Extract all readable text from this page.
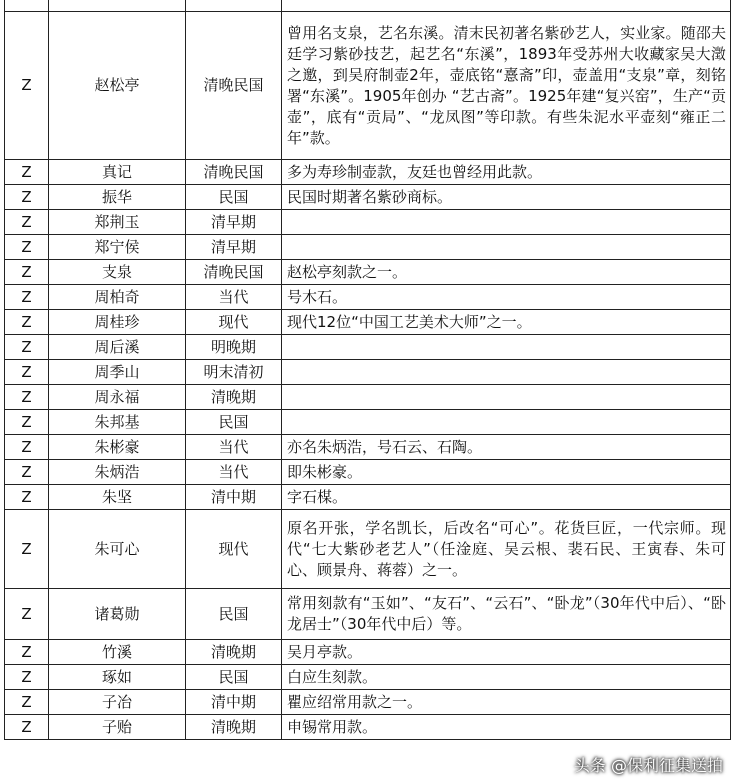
Z	赵松亭	清晚民国	曾用名支泉，艺名东溪。清末民初著名紫砂艺人，实业家。随邵夫廷学习紫砂技艺，起艺名“东溪”，1893年受苏州大收藏家吴大澂之邀，到吴府制壶2年，壶底铭“憙斋”印，壶盖用“支泉”章，刻铭署“东溪”。1905年创办 “艺古斋”。1925年建“复兴窑”，生产“贡壶”，底有“贡局”、“龙凤图”等印款。有些朱泥水平壶刻“雍正二年”款。
Z	真记	清晚民国	多为寿珍制壶款，友廷也曾经用此款。
Z	振华	民国	民国时期著名紫砂商标。
Z	郑荆玉	清早期	
Z	郑宁侯	清早期	
Z	支泉	清晚民国	赵松亭刻款之一。
Z	周柏奇	当代	号木石。
Z	周桂珍	现代	现代12位“中国工艺美术大师”之一。
Z	周后溪	明晚期	
Z	周季山	明末清初	
Z	周永福	清晚期	
Z	朱邦基	民国	
Z	朱彬豪	当代	亦名朱炳浩，号石云、石陶。
Z	朱炳浩	当代	即朱彬豪。
Z	朱坚	清中期	字石楳。
Z	朱可心	现代	原名开张，学名凯长，后改名“可心”。花货巨匠，一代宗师。现代“七大紫砂老艺人”（任淦庭、吴云根、裴石民、王寅春、朱可心、顾景舟、蒋蓉）之一。
Z	诸葛勋	民国	常用刻款有“玉如”、“友石”、“云石”、“卧龙”（30年代中后）、“卧龙居士”（30年代中后）等。
Z	竹溪	清晚期	吴月亭款。
Z	琢如	民国	白应生刻款。
Z	子冶	清中期	瞿应绍常用款之一。
Z	子贻	清晚期	申锡常用款。
头条 @保利征集送拍
